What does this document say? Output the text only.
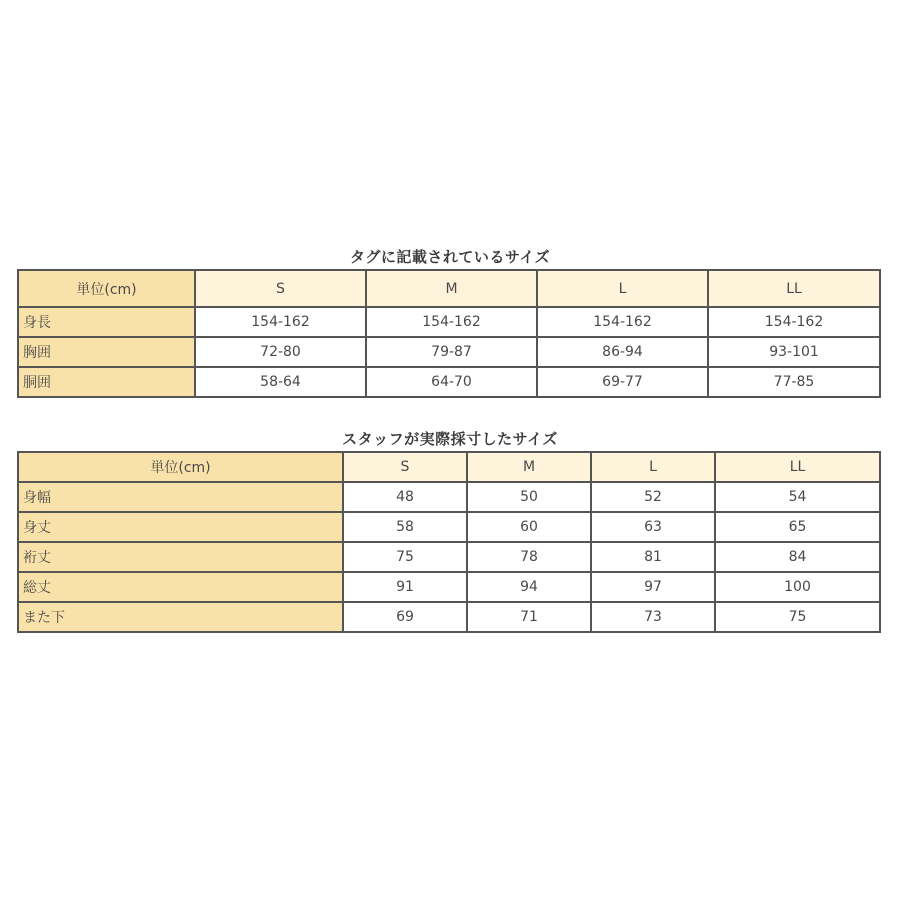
タグに記載されているサイズ
単位(cm)	S	M	L	LL
身長	154-162	154-162	154-162	154-162
胸囲	72-80	79-87	86-94	93-101
胴囲	58-64	64-70	69-77	77-85
スタッフが実際採寸したサイズ
単位(cm)	S	M	L	LL
身幅	48	50	52	54
身丈	58	60	63	65
裄丈	75	78	81	84
総丈	91	94	97	100
また下	69	71	73	75
